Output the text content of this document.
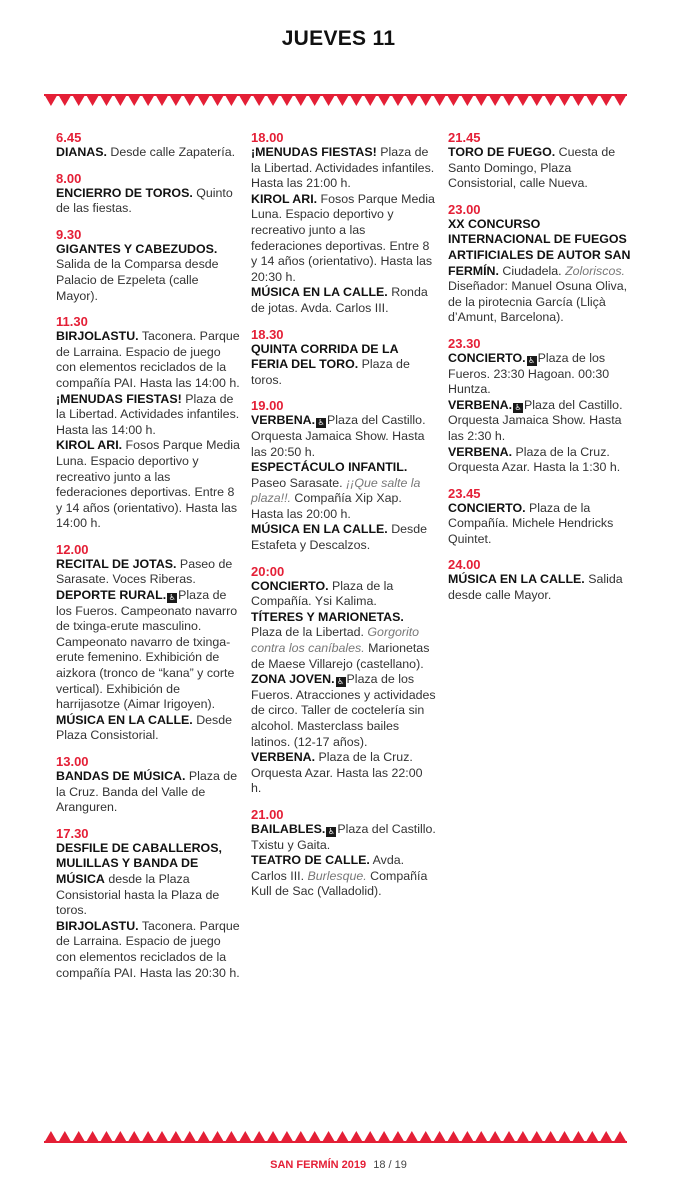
JUEVES 11
6.45
DIANAS. Desde calle Zapatería.
8.00
ENCIERRO DE TOROS. Quinto de las fiestas.
9.30
GIGANTES Y CABEZUDOS. Salida de la Comparsa desde Palacio de Ezpeleta (calle Mayor).
11.30
BIRJOLASTU. Taconera. Parque de Larraina. Espacio de juego con elementos reciclados de la compañía PAI. Hasta las 14:00 h.
¡MENUDAS FIESTAS! Plaza de la Libertad. Actividades infantiles. Hasta las 14:00 h.
KIROL ARI. Fosos Parque Media Luna. Espacio deportivo y recreativo junto a las federaciones deportivas. Entre 8 y 14 años (orientativo). Hasta las 14:00 h.
12.00
RECITAL DE JOTAS. Paseo de Sarasate. Voces Riberas.
DEPORTE RURAL. ♿ Plaza de los Fueros. Campeonato navarro de txinga-erute masculino. Campeonato navarro de txinga-erute femenino. Exhibición de aizkora (tronco de “kana” y corte vertical). Exhibición de harrijasotze (Aimar Irigoyen).
MÚSICA EN LA CALLE. Desde Plaza Consistorial.
13.00
BANDAS DE MÚSICA. Plaza de la Cruz. Banda del Valle de Aranguren.
17.30
DESFILE DE CABALLEROS, MULILLAS Y BANDA DE MÚSICA desde la Plaza Consistorial hasta la Plaza de toros.
BIRJOLASTU. Taconera. Parque de Larraina. Espacio de juego con elementos reciclados de la compañía PAI. Hasta las 20:30 h.
18.00
¡MENUDAS FIESTAS! Plaza de la Libertad. Actividades infantiles. Hasta las 21:00 h.
KIROL ARI. Fosos Parque Media Luna. Espacio deportivo y recreativo junto a las federaciones deportivas. Entre 8 y 14 años (orientativo). Hasta las 20:30 h.
MÚSICA EN LA CALLE. Ronda de jotas. Avda. Carlos III.
18.30
QUINTA CORRIDA DE LA FERIA DEL TORO. Plaza de toros.
19.00
VERBENA. ♿ Plaza del Castillo. Orquesta Jamaica Show. Hasta las 20:50 h.
ESPECTÁCULO INFANTIL. Paseo Sarasate. ¡¡Que salte la plaza!!. Compañía Xip Xap. Hasta las 20:00 h.
MÚSICA EN LA CALLE. Desde Estafeta y Descalzos.
20:00
CONCIERTO. Plaza de la Compañía. Ysi Kalima.
TÍTERES Y MARIONETAS. Plaza de la Libertad. Gorgorito contra los caníbales. Marionetas de Maese Villarejo (castellano).
ZONA JOVEN. ♿ Plaza de los Fueros. Atracciones y actividades de circo. Taller de coctelería sin alcohol. Masterclass bailes latinos. (12-17 años).
VERBENA. Plaza de la Cruz. Orquesta Azar. Hasta las 22:00 h.
21.00
BAILABLES. ♿ Plaza del Castillo. Txistu y Gaita.
TEATRO DE CALLE. Avda. Carlos III. Burlesque. Compañía Kull de Sac (Valladolid).
21.45
TORO DE FUEGO. Cuesta de Santo Domingo, Plaza Consistorial, calle Nueva.
23.00
XX CONCURSO INTERNACIONAL DE FUEGOS ARTIFICIALES DE AUTOR SAN FERMÍN. Ciudadela. Zoloriscos. Diseñador: Manuel Osuna Oliva, de la pirotecnia García (Lliçà d’Amunt, Barcelona).
23.30
CONCIERTO. ♿ Plaza de los Fueros. 23:30 Hagoan. 00:30 Huntza.
VERBENA. ♿ Plaza del Castillo. Orquesta Jamaica Show. Hasta las 2:30 h.
VERBENA. Plaza de la Cruz. Orquesta Azar. Hasta la 1:30 h.
23.45
CONCIERTO. Plaza de la Compañía. Michele Hendricks Quintet.
24.00
MÚSICA EN LA CALLE. Salida desde calle Mayor.
SAN FERMÍN 2019 18 / 19
